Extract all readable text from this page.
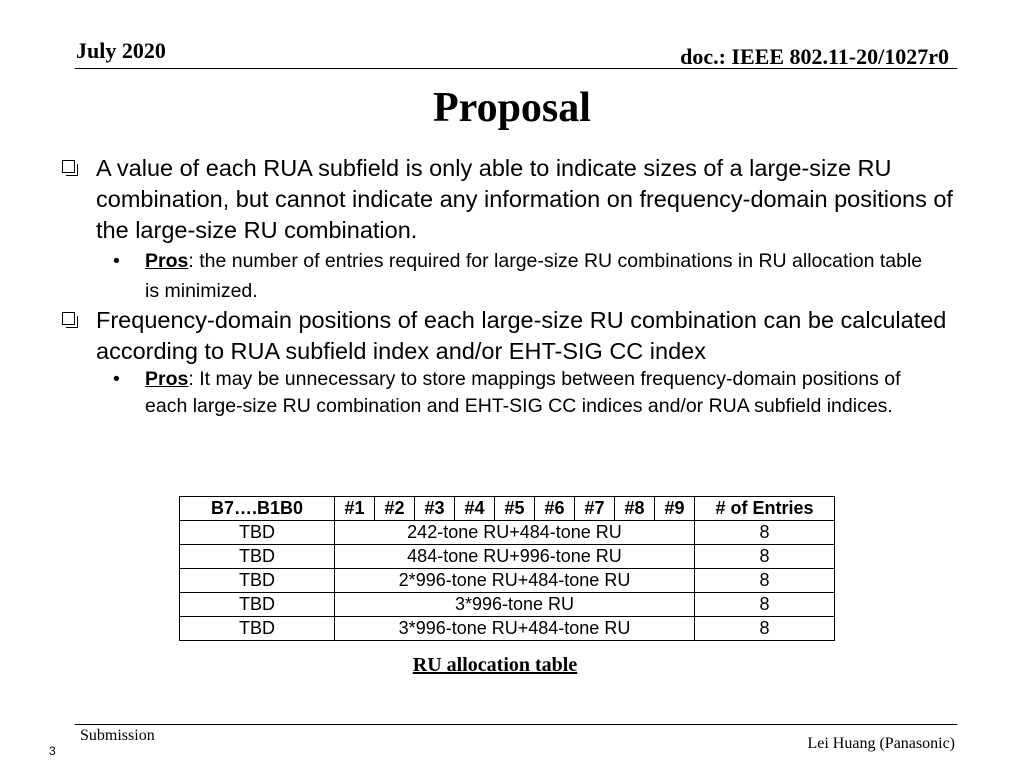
July 2020	doc.: IEEE 802.11-20/1027r0
Proposal
A value of each RUA subfield is only able to indicate sizes of a large-size RU combination, but cannot indicate any information on frequency-domain positions of the large-size RU combination.
• Pros: the number of entries required for large-size RU combinations in RU allocation table is minimized.
Frequency-domain positions of each large-size RU combination can be calculated according to RUA subfield index and/or EHT-SIG CC index
• Pros: It may be unnecessary to store mappings between frequency-domain positions of each large-size RU combination and EHT-SIG CC indices and/or RUA subfield indices.
B7….B1B0	#1	#2	#3	#4	#5	#6	#7	#8	#9	# of Entries
TBD	242-tone RU+484-tone RU									8
TBD	484-tone RU+996-tone RU									8
TBD	2*996-tone RU+484-tone RU									8
TBD	3*996-tone RU									8
TBD	3*996-tone RU+484-tone RU									8
RU allocation table
Submission
3	Lei Huang (Panasonic)
